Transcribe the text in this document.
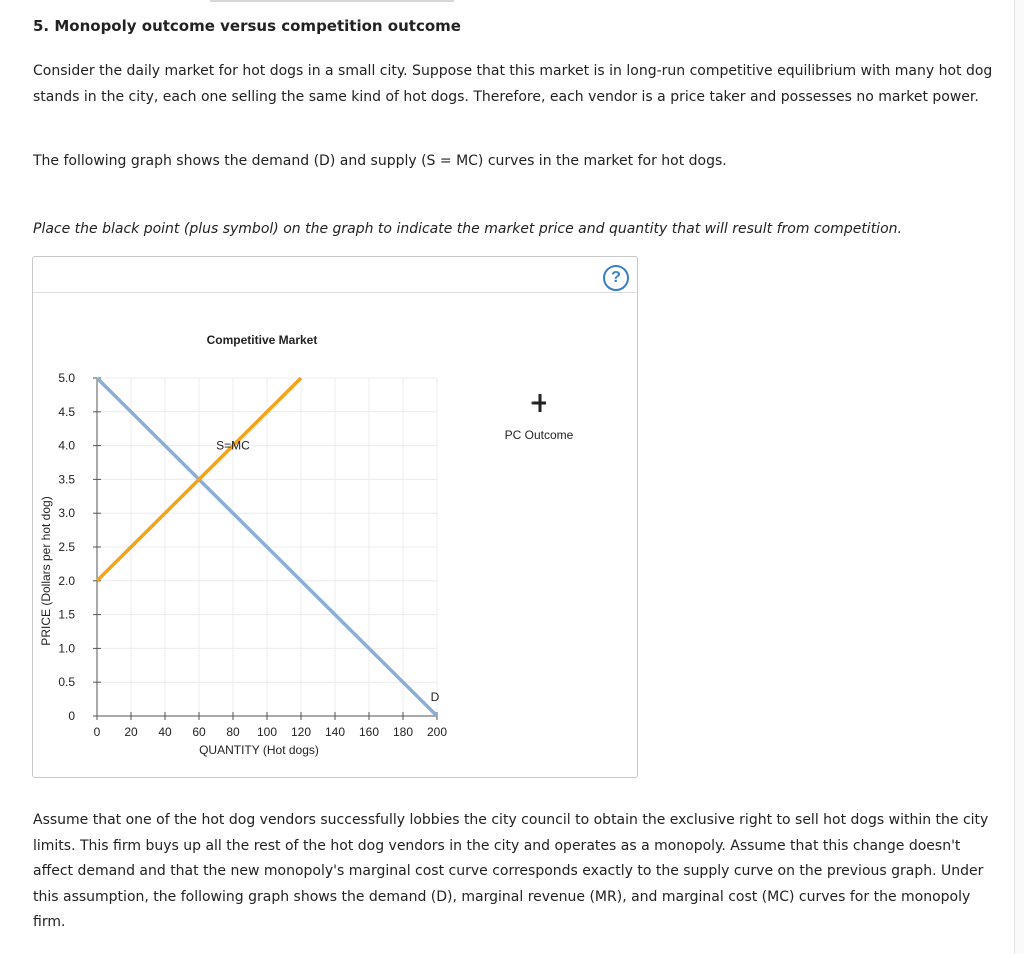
5. Monopoly outcome versus competition outcome
Consider the daily market for hot dogs in a small city. Suppose that this market is in long-run competitive equilibrium with many hot dog stands in the city, each one selling the same kind of hot dogs. Therefore, each vendor is a price taker and possesses no market power.
The following graph shows the demand (D) and supply (S = MC) curves in the market for hot dogs.
Place the black point (plus symbol) on the graph to indicate the market price and quantity that will result from competition.
?
0
0.5
1.0
1.5
2.0
2.5
3.0
3.5
4.0
4.5
5.0
0 20 40 60 80 100 120 140 160 180 200
D
S=MC
Competitive Market
QUANTITY (Hot dogs)
PRICE (Dollars per hot dog)
PC Outcome
Assume that one of the hot dog vendors successfully lobbies the city council to obtain the exclusive right to sell hot dogs within the city limits. This firm buys up all the rest of the hot dog vendors in the city and operates as a monopoly. Assume that this change doesn't affect demand and that the new monopoly's marginal cost curve corresponds exactly to the supply curve on the previous graph. Under this assumption, the following graph shows the demand (D), marginal revenue (MR), and marginal cost (MC) curves for the monopoly firm.
